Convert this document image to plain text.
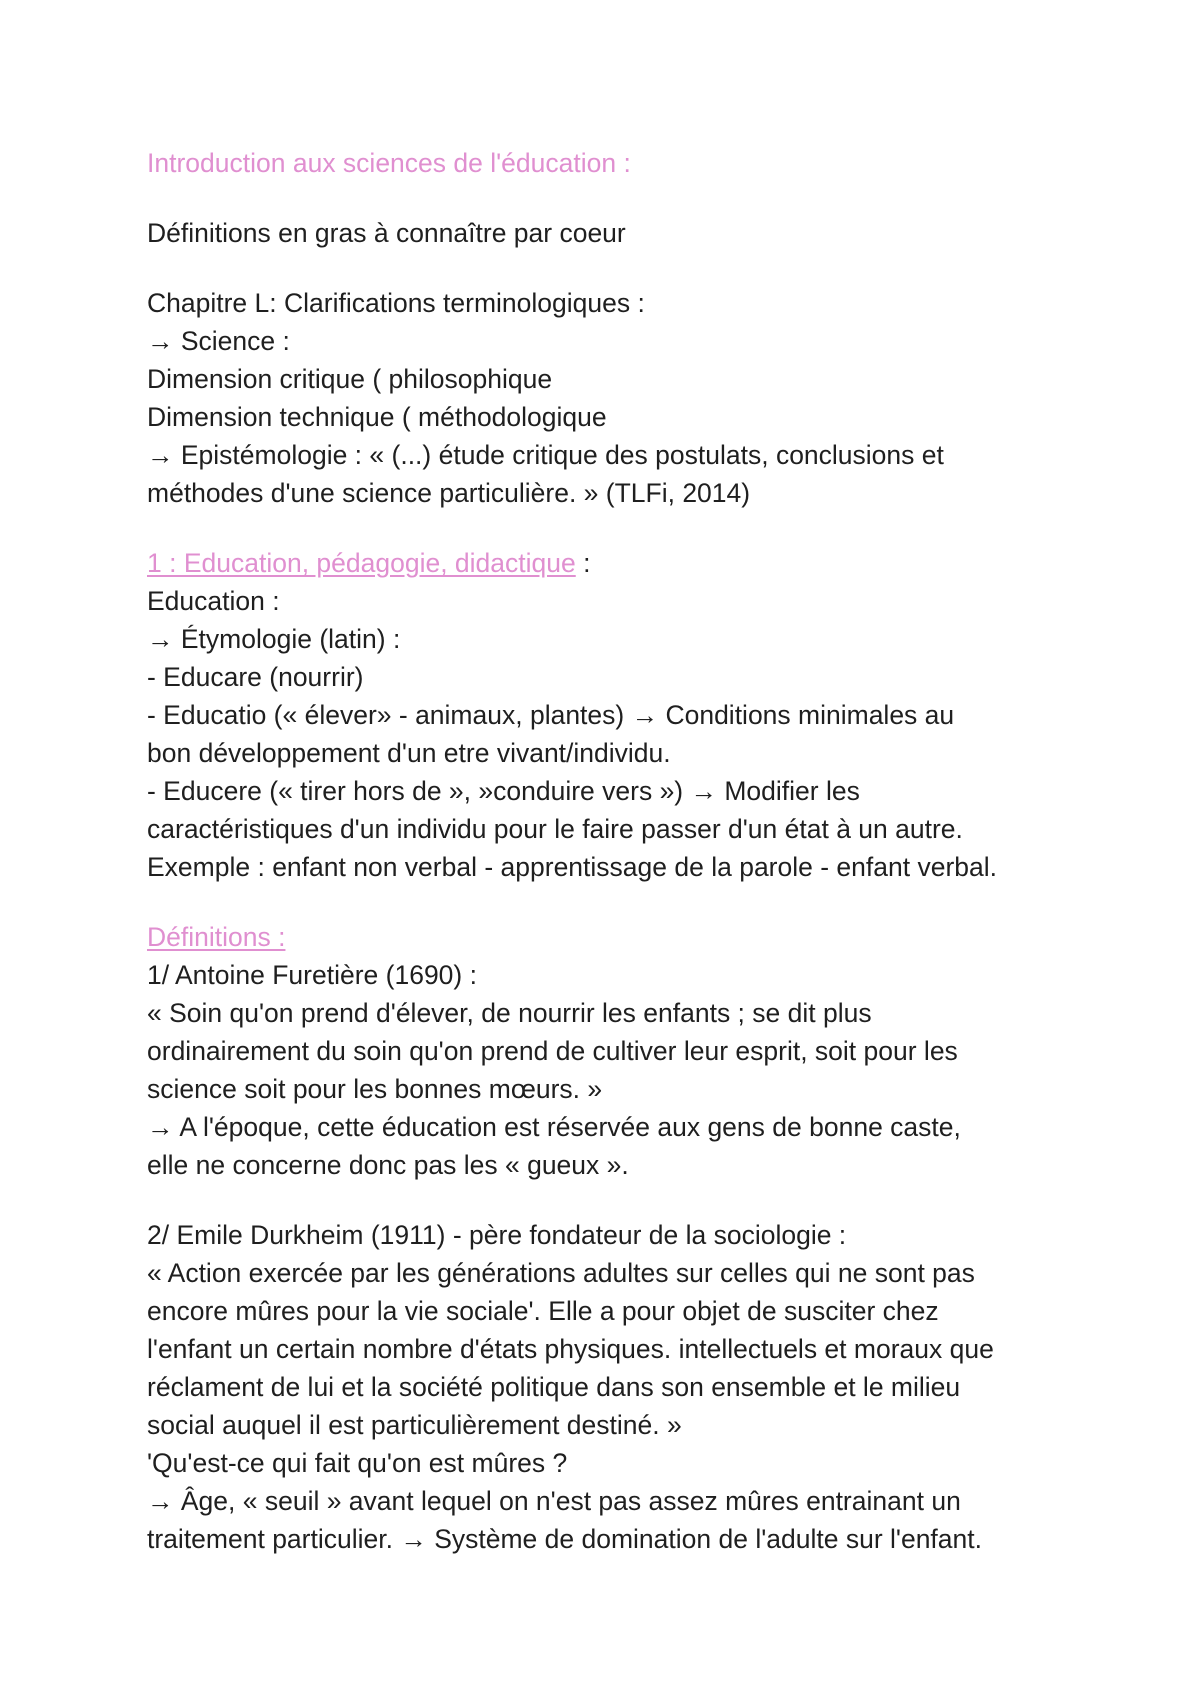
Introduction aux sciences de l'éducation :
Définitions en gras à connaître par coeur
Chapitre L: Clarifications terminologiques :
→ Science :
Dimension critique ( philosophique
Dimension technique ( méthodologique
→ Epistémologie : « (...) étude critique des postulats, conclusions et
méthodes d'une science particulière. » (TLFi, 2014)
1 : Education, pédagogie, didactique :
Education :
→ Étymologie (latin) :
- Educare (nourrir)
- Educatio (« élever» - animaux, plantes) → Conditions minimales au
bon développement d'un etre vivant/individu.
- Educere (« tirer hors de », »conduire vers ») → Modifier les
caractéristiques d'un individu pour le faire passer d'un état à un autre.
Exemple : enfant non verbal - apprentissage de la parole - enfant verbal.
Définitions :
1/ Antoine Furetière (1690) :
« Soin qu'on prend d'élever, de nourrir les enfants ; se dit plus
ordinairement du soin qu'on prend de cultiver leur esprit, soit pour les
science soit pour les bonnes mœurs. »
→ A l'époque, cette éducation est réservée aux gens de bonne caste,
elle ne concerne donc pas les « gueux ».
2/ Emile Durkheim (1911) - père fondateur de la sociologie :
« Action exercée par les générations adultes sur celles qui ne sont pas
encore mûres pour la vie sociale'. Elle a pour objet de susciter chez
l'enfant un certain nombre d'états physiques. intellectuels et moraux que
réclament de lui et la société politique dans son ensemble et le milieu
social auquel il est particulièrement destiné. »
'Qu'est-ce qui fait qu'on est mûres ?
→ Âge, « seuil » avant lequel on n'est pas assez mûres entrainant un
traitement particulier. → Système de domination de l'adulte sur l'enfant.
